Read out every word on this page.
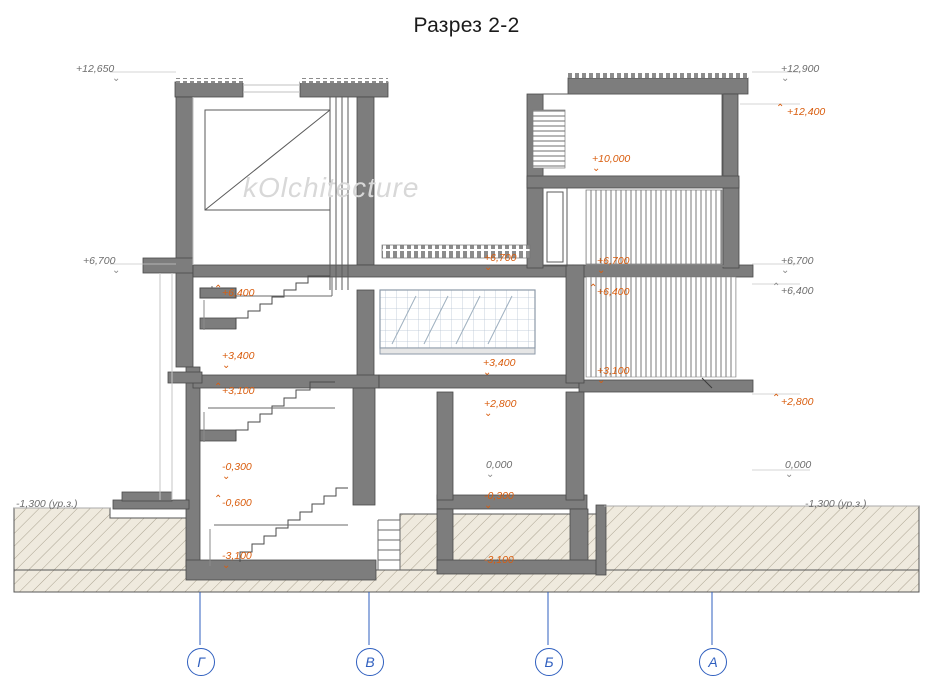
Разрез 2-2
kOlchitecture
+12,650
⌄
+6,700
⌄
-1,300 (ур.з.)
+12,900
⌄
+12,400
⌃
+6,700
⌄
+6,400
⌃
+2,800
⌃
0,000
⌄
-1,300 (ур.з.)
+10,000
⌄
+6,700
⌄	+6,700
⌄
+6,400
⌃
+6,400
⌃
+3,400
⌄
+3,400
⌄
+3,100
⌃
+3,100
⌄
+2,800
⌄
0,000
⌄
-0,300
⌄
-0,300
⌄
-0,600
⌃
-3,100 ⌄	-3,100
Г	В	Б	А
